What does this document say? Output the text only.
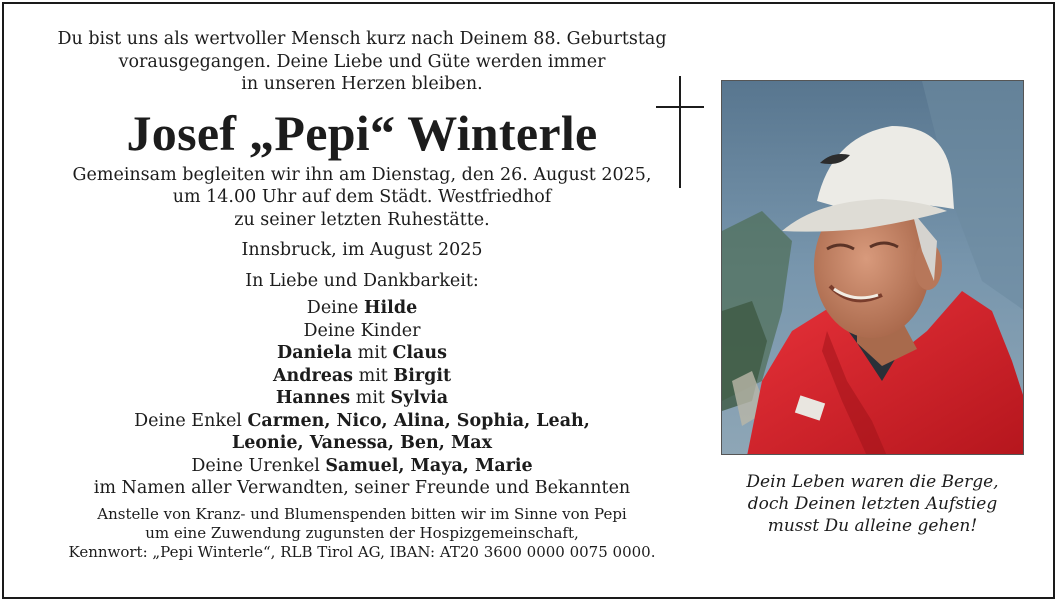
Du bist uns als wertvoller Mensch kurz nach Deinem 88. Geburtstag

vorausgegangen. Deine Liebe und Güte werden immer

in unseren Herzen bleiben.

Josef „Pepi“ Winterle

Gemeinsam begleiten wir ihn am Dienstag, den 26. August 2025,

um 14.00 Uhr auf dem Städt. Westfriedhof

zu seiner letzten Ruhestätte.

Innsbruck, im August 2025

In Liebe und Dankbarkeit:

Deine Hilde

Deine Kinder

Daniela mit Claus

Andreas mit Birgit

Hannes mit Sylvia

Deine Enkel Carmen, Nico, Alina, Sophia, Leah,

Leonie, Vanessa, Ben, Max

Deine Urenkel Samuel, Maya, Marie

im Namen aller Verwandten, seiner Freunde und Bekannten

Anstelle von Kranz- und Blumenspenden bitten wir im Sinne von Pepi

um eine Zuwendung zugunsten der Hospizgemeinschaft,

Kennwort: „Pepi Winterle“, RLB Tirol AG, IBAN: AT20 3600 0000 0075 0000.

Dein Leben waren die Berge,

doch Deinen letzten Aufstieg

musst Du alleine gehen!
